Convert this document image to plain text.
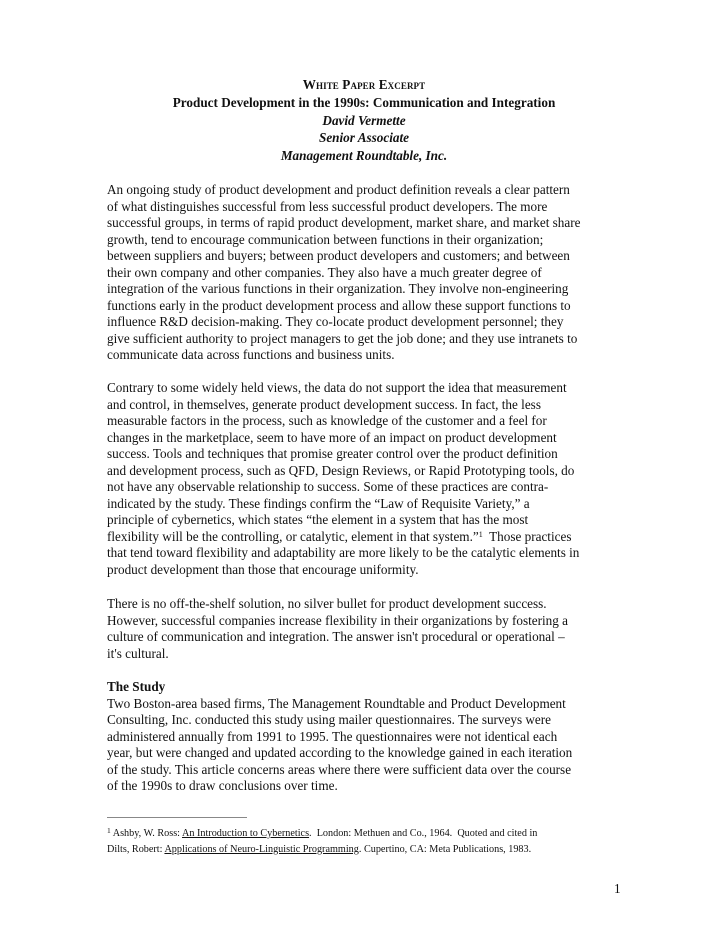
White Paper Excerpt
Product Development in the 1990s: Communication and Integration
David Vermette
Senior Associate
Management Roundtable, Inc.
An ongoing study of product development and product definition reveals a clear pattern
of what distinguishes successful from less successful product developers. The more
successful groups, in terms of rapid product development, market share, and market share
growth, tend to encourage communication between functions in their organization;
between suppliers and buyers; between product developers and customers; and between
their own company and other companies. They also have a much greater degree of
integration of the various functions in their organization. They involve non-engineering
functions early in the product development process and allow these support functions to
influence R&D decision-making. They co-locate product development personnel; they
give sufficient authority to project managers to get the job done; and they use intranets to
communicate data across functions and business units.
Contrary to some widely held views, the data do not support the idea that measurement
and control, in themselves, generate product development success. In fact, the less
measurable factors in the process, such as knowledge of the customer and a feel for
changes in the marketplace, seem to have more of an impact on product development
success. Tools and techniques that promise greater control over the product definition
and development process, such as QFD, Design Reviews, or Rapid Prototyping tools, do
not have any observable relationship to success. Some of these practices are contra-
indicated by the study. These findings confirm the “Law of Requisite Variety,” a
principle of cybernetics, which states “the element in a system that has the most
flexibility will be the controlling, or catalytic, element in that system.”$^1$  Those practices
that tend toward flexibility and adaptability are more likely to be the catalytic elements in
product development than those that encourage uniformity.
There is no off-the-shelf solution, no silver bullet for product development success.
However, successful companies increase flexibility in their organizations by fostering a
culture of communication and integration. The answer isn't procedural or operational –
it's cultural.
The Study
Two Boston-area based firms, The Management Roundtable and Product Development
Consulting, Inc. conducted this study using mailer questionnaires. The surveys were
administered annually from 1991 to 1995. The questionnaires were not identical each
year, but were changed and updated according to the knowledge gained in each iteration
of the study. This article concerns areas where there were sufficient data over the course
of the 1990s to draw conclusions over time.
$^1$ Ashby, W. Ross: An Introduction to Cybernetics.  London: Methuen and Co., 1964.  Quoted and cited in
Dilts, Robert: Applications of Neuro-Linguistic Programming. Cupertino, CA: Meta Publications, 1983.
1
